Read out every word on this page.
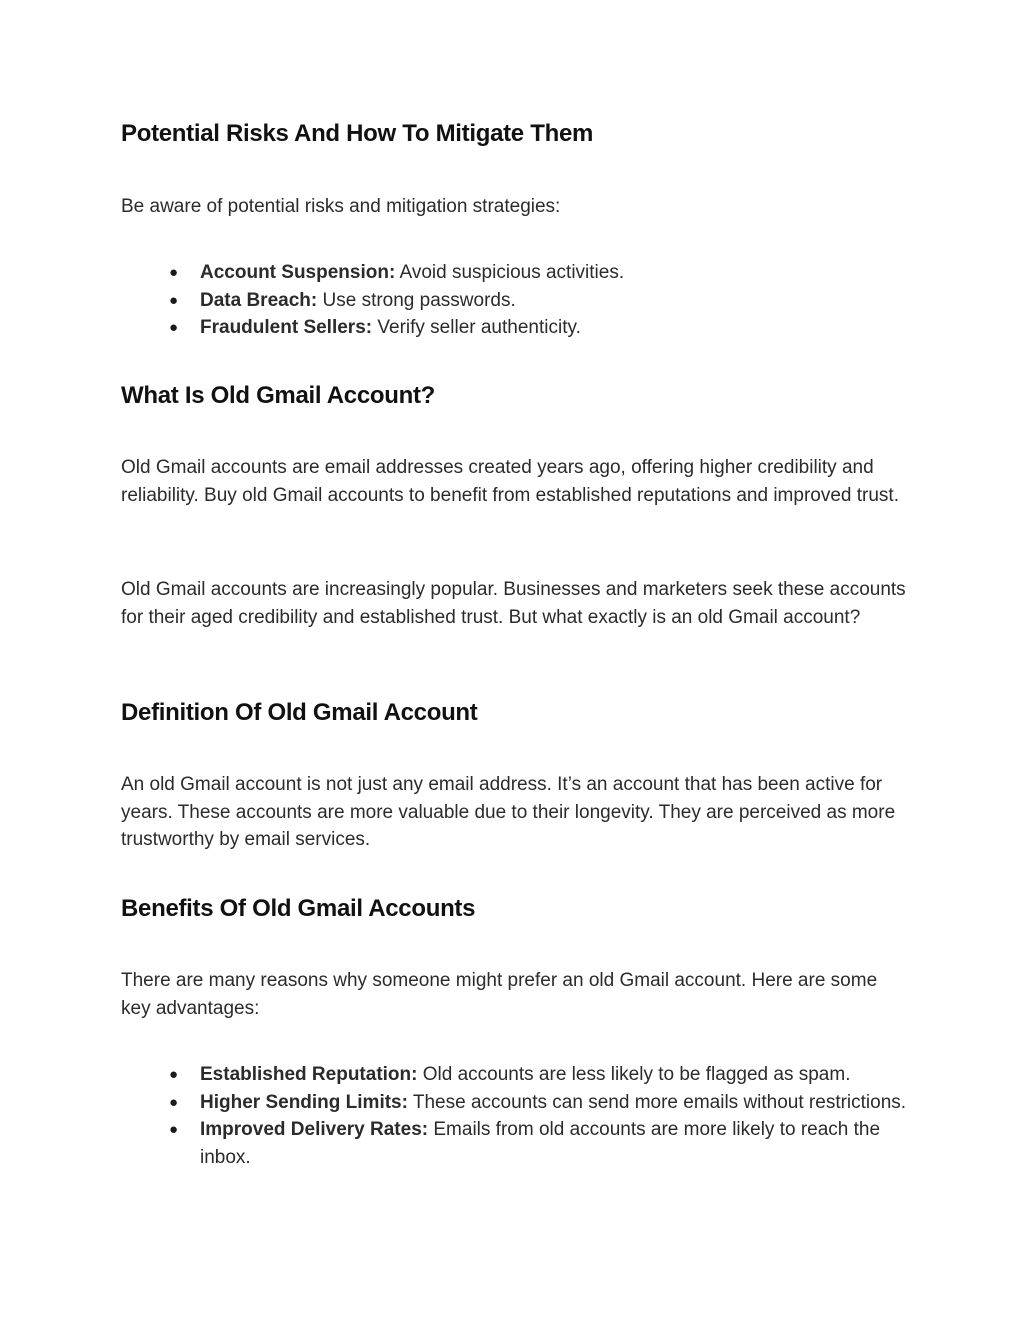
Potential Risks And How To Mitigate Them

Be aware of potential risks and mitigation strategies:

● Account Suspension: Avoid suspicious activities.
● Data Breach: Use strong passwords.
● Fraudulent Sellers: Verify seller authenticity.
What Is Old Gmail Account?

Old Gmail accounts are email addresses created years ago, offering higher credibility and reliability. Buy old Gmail accounts to benefit from established reputations and improved trust.

Old Gmail accounts are increasingly popular. Businesses and marketers seek these accounts for their aged credibility and established trust. But what exactly is an old Gmail account?

Definition Of Old Gmail Account

An old Gmail account is not just any email address. It’s an account that has been active for years. These accounts are more valuable due to their longevity. They are perceived as more trustworthy by email services.

Benefits Of Old Gmail Accounts

There are many reasons why someone might prefer an old Gmail account. Here are some key advantages:

● Established Reputation: Old accounts are less likely to be flagged as spam.
● Higher Sending Limits: These accounts can send more emails without restrictions.
● Improved Delivery Rates: Emails from old accounts are more likely to reach the inbox.
